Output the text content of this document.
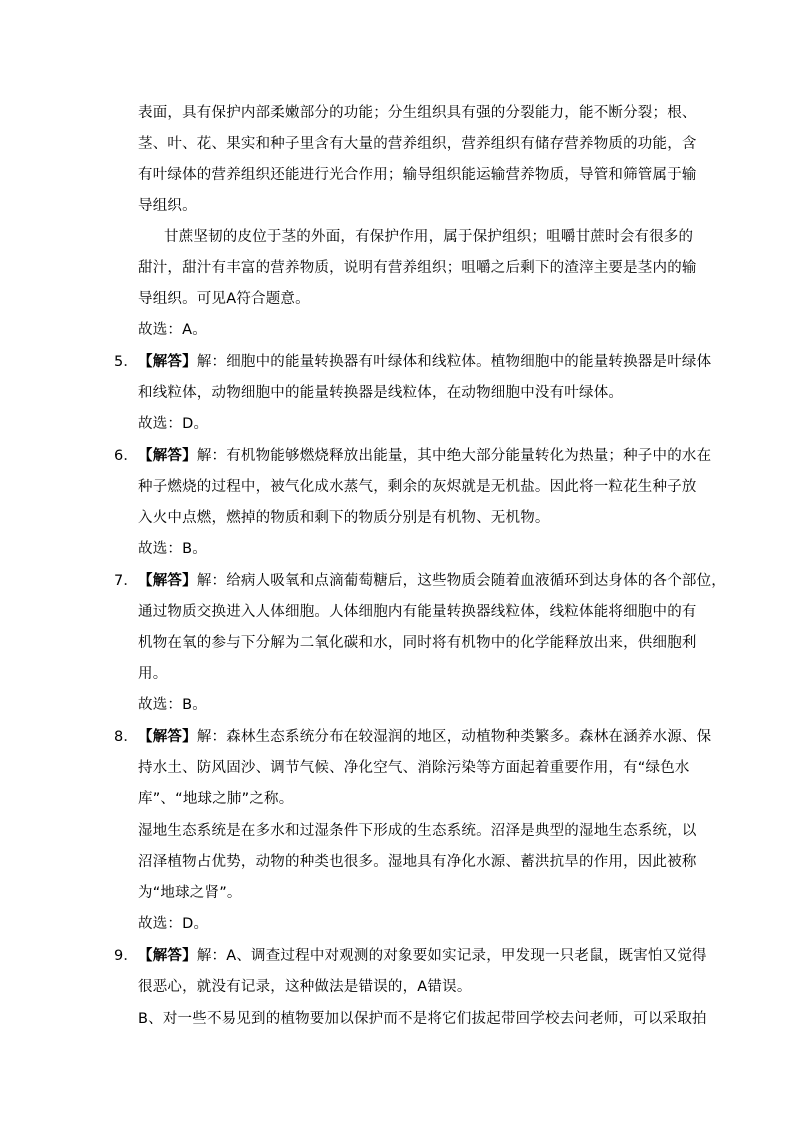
表面，具有保护内部柔嫩部分的功能；分生组织具有强的分裂能力，能不断分裂；根、
茎、叶、花、果实和种子里含有大量的营养组织，营养组织有储存营养物质的功能，含
有叶绿体的营养组织还能进行光合作用；输导组织能运输营养物质，导管和筛管属于输
导组织。
甘蔗坚韧的皮位于茎的外面，有保护作用，属于保护组织；咀嚼甘蔗时会有很多的
甜汁，甜汁有丰富的营养物质，说明有营养组织；咀嚼之后剩下的渣滓主要是茎内的输
导组织。可见A符合题意。
故选：A。
5．【解答】解：细胞中的能量转换器有叶绿体和线粒体。植物细胞中的能量转换器是叶绿体
和线粒体，动物细胞中的能量转换器是线粒体，在动物细胞中没有叶绿体。
故选：D。
6．【解答】解：有机物能够燃烧释放出能量，其中绝大部分能量转化为热量；种子中的水在
种子燃烧的过程中，被气化成水蒸气，剩余的灰烬就是无机盐。因此将一粒花生种子放
入火中点燃，燃掉的物质和剩下的物质分别是有机物、无机物。
故选：B。
7．【解答】解：给病人吸氧和点滴葡萄糖后，这些物质会随着血液循环到达身体的各个部位，
通过物质交换进入人体细胞。人体细胞内有能量转换器线粒体，线粒体能将细胞中的有
机物在氧的参与下分解为二氧化碳和水，同时将有机物中的化学能释放出来，供细胞利
用。
故选：B。
8．【解答】解：森林生态系统分布在较湿润的地区，动植物种类繁多。森林在涵养水源、保
持水土、防风固沙、调节气候、净化空气、消除污染等方面起着重要作用，有“绿色水
库”、“地球之肺”之称。
湿地生态系统是在多水和过湿条件下形成的生态系统。沼泽是典型的湿地生态系统，以
沼泽植物占优势，动物的种类也很多。湿地具有净化水源、蓄洪抗旱的作用，因此被称
为“地球之肾”。
故选：D。
9．【解答】解：A、调查过程中对观测的对象要如实记录，甲发现一只老鼠，既害怕又觉得
很恶心，就没有记录，这种做法是错误的，A错误。
B、对一些不易见到的植物要加以保护而不是将它们拔起带回学校去问老师，可以采取拍
